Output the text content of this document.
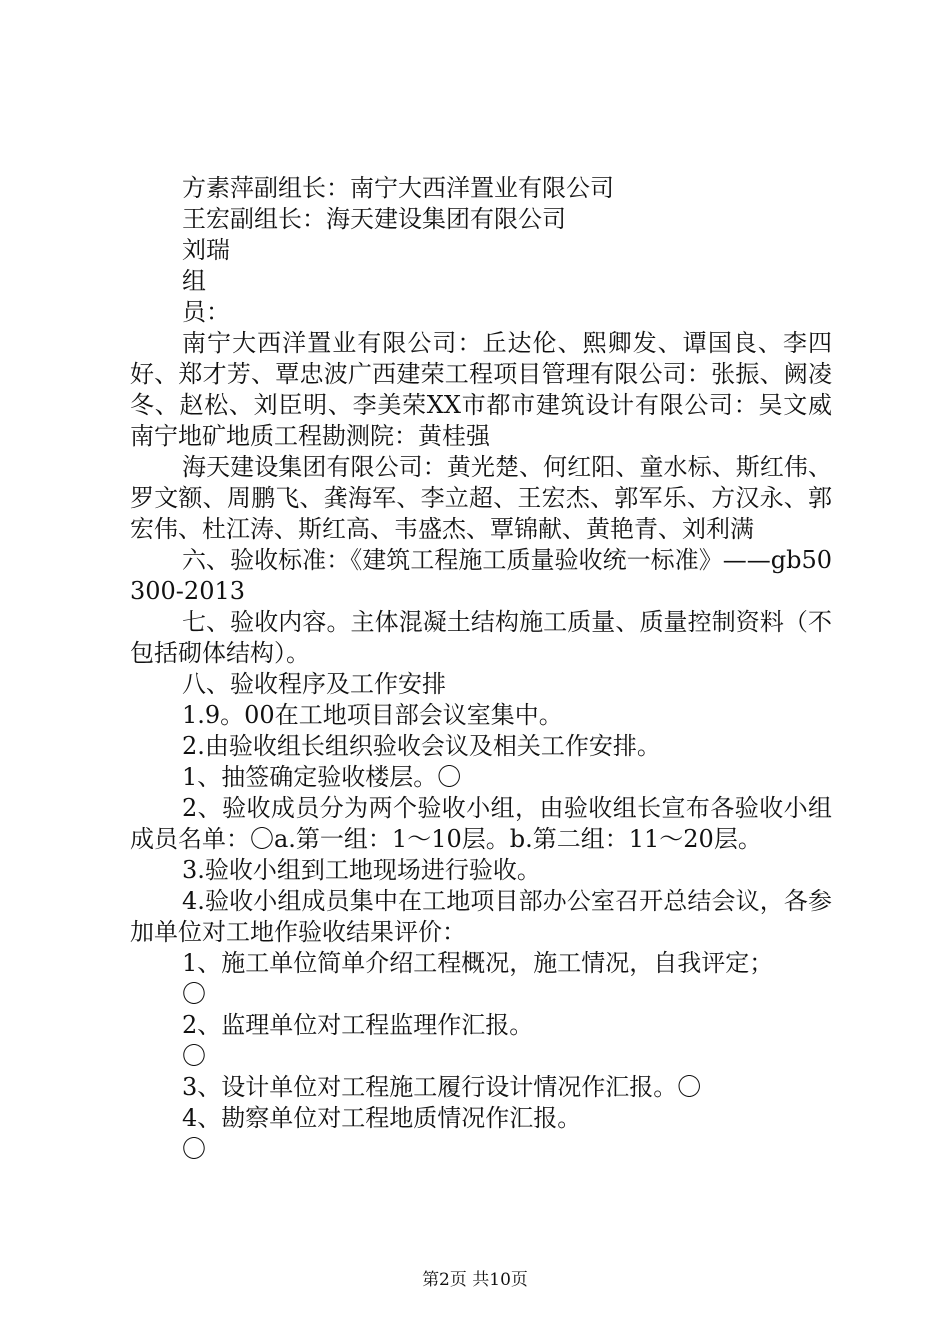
方素萍副组长：南宁大西洋置业有限公司

王宏副组长：海天建设集团有限公司

刘瑞

组

员：

南宁大西洋置业有限公司：丘达伦、熙卿发、谭国良、李四好、郑才芳、覃忠波广西建荣工程项目管理有限公司：张振、阙凌冬、赵松、刘臣明、李美荣XX市都市建筑设计有限公司：吴文威南宁地矿地质工程勘测院：黄桂强

海天建设集团有限公司：黄光楚、何红阳、童水标、斯红伟、罗文额、周鹏飞、龚海军、李立超、王宏杰、郭军乐、方汉永、郭宏伟、杜江涛、斯红高、韦盛杰、覃锦献、黄艳青、刘利满

六、验收标准：《建筑工程施工质量验收统一标准》——gb50300-2013

七、验收内容。主体混凝土结构施工质量、质量控制资料（不包括砌体结构）。

八、验收程序及工作安排

1.9。00在工地项目部会议室集中。

2.由验收组长组织验收会议及相关工作安排。

1、抽签确定验收楼层。〇

2、验收成员分为两个验收小组，由验收组长宣布各验收小组成员名单：〇a.第一组：1～10层。b.第二组：11～20层。

3.验收小组到工地现场进行验收。

4.验收小组成员集中在工地项目部办公室召开总结会议，各参加单位对工地作验收结果评价：

1、施工单位简单介绍工程概况，施工情况，自我评定；

〇

2、监理单位对工程监理作汇报。

〇

3、设计单位对工程施工履行设计情况作汇报。〇

4、勘察单位对工程地质情况作汇报。

〇

第2页 共10页
